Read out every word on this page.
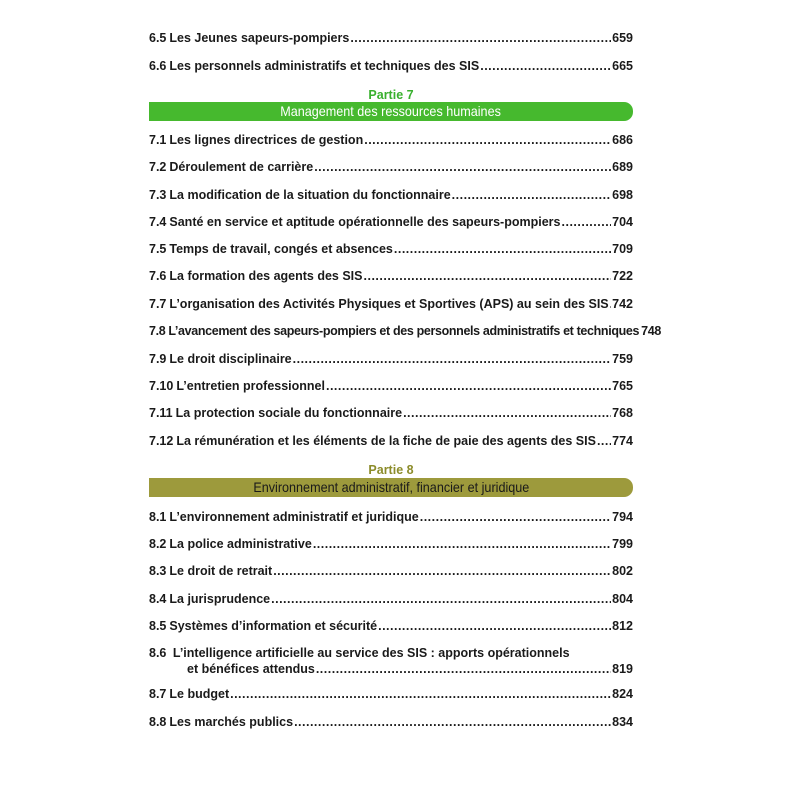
6.5 Les Jeunes sapeurs-pompiers .....	659
6.6 Les personnels administratifs et techniques des SIS .....	665
Partie 7
Management des ressources humaines
7.1 Les lignes directrices de gestion .....	686
7.2 Déroulement de carrière .....	689
7.3 La modification de la situation du fonctionnaire .....	698
7.4 Santé en service et aptitude opérationnelle des sapeurs-pompiers .....	704
7.5 Temps de travail, congés et absences .....	709
7.6 La formation des agents des SIS .....	722
7.7 L’organisation des Activités Physiques et Sportives (APS) au sein des SIS ..... 742
7.8 L’avancement des sapeurs-pompiers et des personnels administratifs et techniques 748
7.9 Le droit disciplinaire .....	759
7.10 L’entretien professionnel .....	765
7.11 La protection sociale du fonctionnaire .....	768
7.12 La rémunération et les éléments de la fiche de paie des agents des SIS ..... 774
Partie 8
Environnement administratif, financier et juridique
8.1 L’environnement administratif et juridique .....	794
8.2 La police administrative .....	799
8.3 Le droit de retrait .....	802
8.4 La jurisprudence .....	804
8.5 Systèmes d’information et sécurité .....	812
8.6 L’intelligence artificielle au service des SIS : apports opérationnels
et bénéfices attendus .....	819
8.7 Le budget .....	824
8.8 Les marchés publics .....	834
